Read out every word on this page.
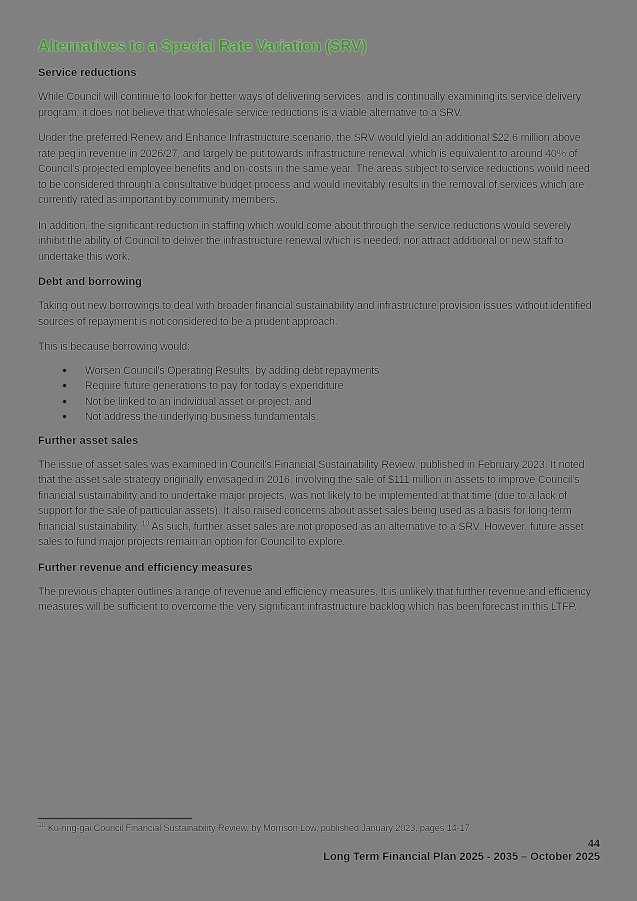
Alternatives to a Special Rate Variation (SRV)
Service reductions

While Council will continue to look for better ways of delivering services, and is continually examining its service delivery program, it does not believe that wholesale service reductions is a viable alternative to a SRV.

Under the preferred Renew and Enhance Infrastructure scenario, the SRV would yield an additional $22.6 million above rate peg in revenue in 2026/27, and largely be put towards infrastructure renewal, which is equivalent to around 40% of Council's projected employee benefits and on-costs in the same year. The areas subject to service reductions would need to be considered through a consultative budget process and would inevitably results in the removal of services which are currently rated as important by community members.

In addition, the significant reduction in staffing which would come about through the service reductions would severely inhibit the ability of Council to deliver the infrastructure renewal which is needed, nor attract additional or new staff to undertake this work.

Debt and borrowing

Taking out new borrowings to deal with broader financial sustainability and infrastructure provision issues without identified sources of repayment is not considered to be a prudent approach.

This is because borrowing would:

• Worsen Council's Operating Results, by adding debt repayments
• Require future generations to pay for today's expenditure
• Not be linked to an individual asset or project, and
• Not address the underlying business fundamentals.
Further asset sales

The issue of asset sales was examined in Council's Financial Sustainability Review, published in February 2023. It noted that the asset sale strategy originally envisaged in 2016, involving the sale of $111 million in assets to improve Council's financial sustainability and to undertake major projects, was not likely to be implemented at that time (due to a lack of support for the sale of particular assets). It also raised concerns about asset sales being used as a basis for long-term financial sustainability. $^{10}$ As such, further asset sales are not proposed as an alternative to a SRV. However, future asset sales to fund major projects remain an option for Council to explore.

Further revenue and efficiency measures

The previous chapter outlines a range of revenue and efficiency measures. It is unlikely that further revenue and efficiency measures will be sufficient to overcome the very significant infrastructure backlog which has been forecast in this LTFP.

$^{10}$ Ku-ring-gai Council Financial Sustainability Review, by Morrison Low, published January 2023, pages 14-17
44
Long Term Financial Plan 2025 - 2035 – October 2025
